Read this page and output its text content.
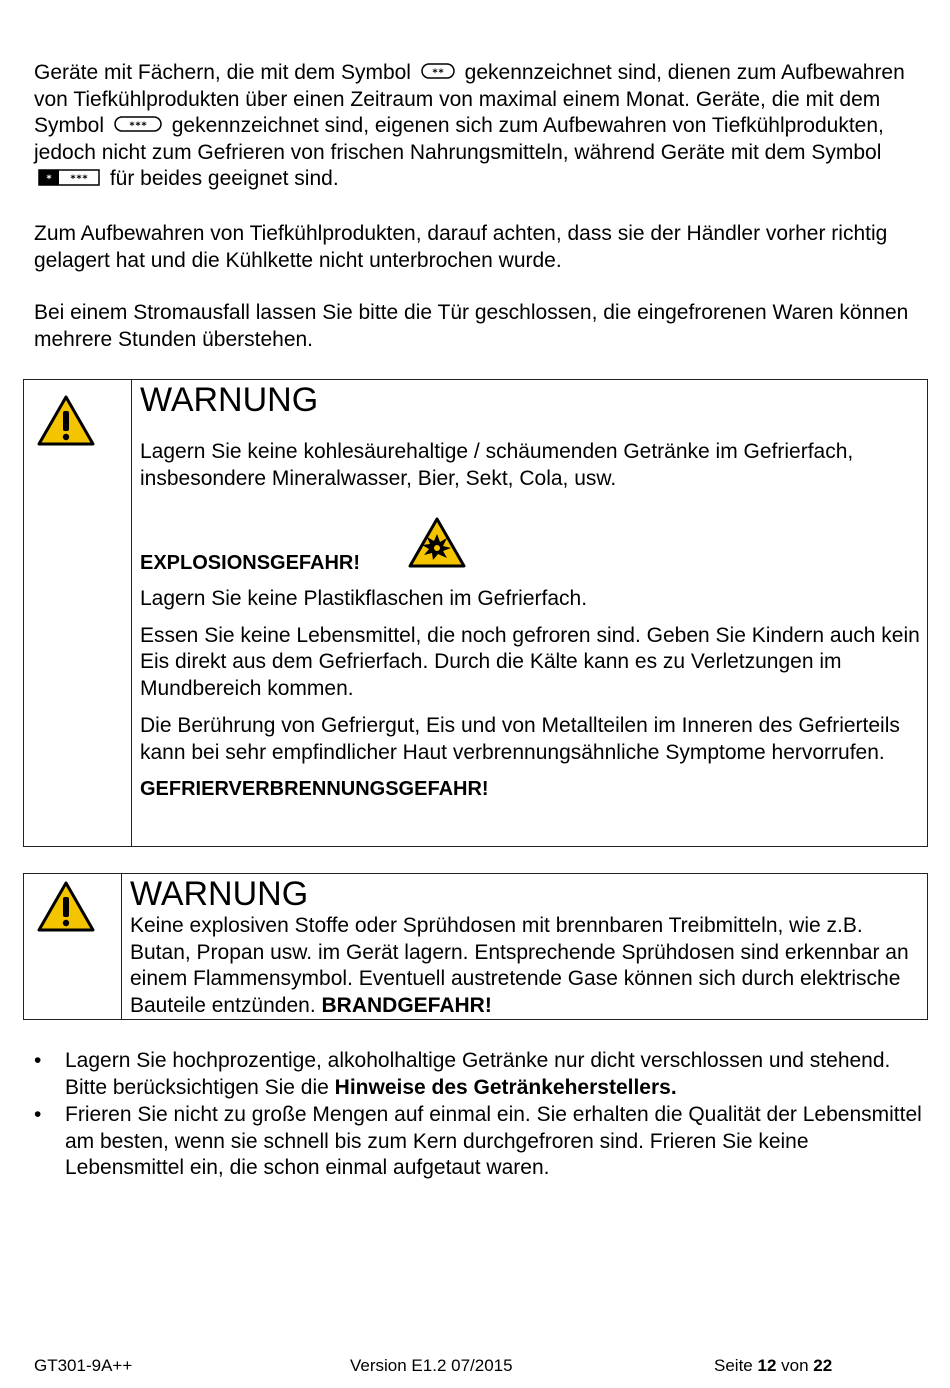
Geräte mit Fächern, die mit dem Symbol ** gekennzeichnet sind, dienen zum Aufbewahren von Tiefkühlprodukten über einen Zeitraum von maximal einem Monat. Geräte, die mit dem Symbol *** gekennzeichnet sind, eigenen sich zum Aufbewahren von Tiefkühlprodukten, jedoch nicht zum Gefrieren von frischen Nahrungsmitteln, während Geräte mit dem Symbol
* *** für beides geeignet sind.

Zum Aufbewahren von Tiefkühlprodukten, darauf achten, dass sie der Händler vorher richtig gelagert hat und die Kühlkette nicht unterbrochen wurde.

Bei einem Stromausfall lassen Sie bitte die Tür geschlossen, die eingefrorenen Waren können mehrere Stunden überstehen.

WARNUNG

Lagern Sie keine kohlesäurehaltige / schäumenden Getränke im Gefrierfach, insbesondere Mineralwasser, Bier, Sekt, Cola, usw.

EXPLOSIONSGEFAHR!

Lagern Sie keine Plastikflaschen im Gefrierfach.

Essen Sie keine Lebensmittel, die noch gefroren sind. Geben Sie Kindern auch kein Eis direkt aus dem Gefrierfach. Durch die Kälte kann es zu Verletzungen im Mundbereich kommen.

Die Berührung von Gefriergut, Eis und von Metallteilen im Inneren des Gefrierteils kann bei sehr empfindlicher Haut verbrennungsähnliche Symptome hervorrufen.

GEFRIERVERBRENNUNGSGEFAHR!

WARNUNG

Keine explosiven Stoffe oder Sprühdosen mit brennbaren Treibmitteln, wie z.B. Butan, Propan usw. im Gerät lagern. Entsprechende Sprühdosen sind erkennbar an einem Flammensymbol. Eventuell austretende Gase können sich durch elektrische Bauteile entzünden. BRANDGEFAHR!

• Lagern Sie hochprozentige, alkoholhaltige Getränke nur dicht verschlossen und stehend. Bitte berücksichtigen Sie die Hinweise des Getränkeherstellers.
• Frieren Sie nicht zu große Mengen auf einmal ein. Sie erhalten die Qualität der Lebensmittel am besten, wenn sie schnell bis zum Kern durchgefroren sind. Frieren Sie keine Lebensmittel ein, die schon einmal aufgetaut waren.
GT301-9A++	Version E1.2 07/2015	Seite 12 von 22
